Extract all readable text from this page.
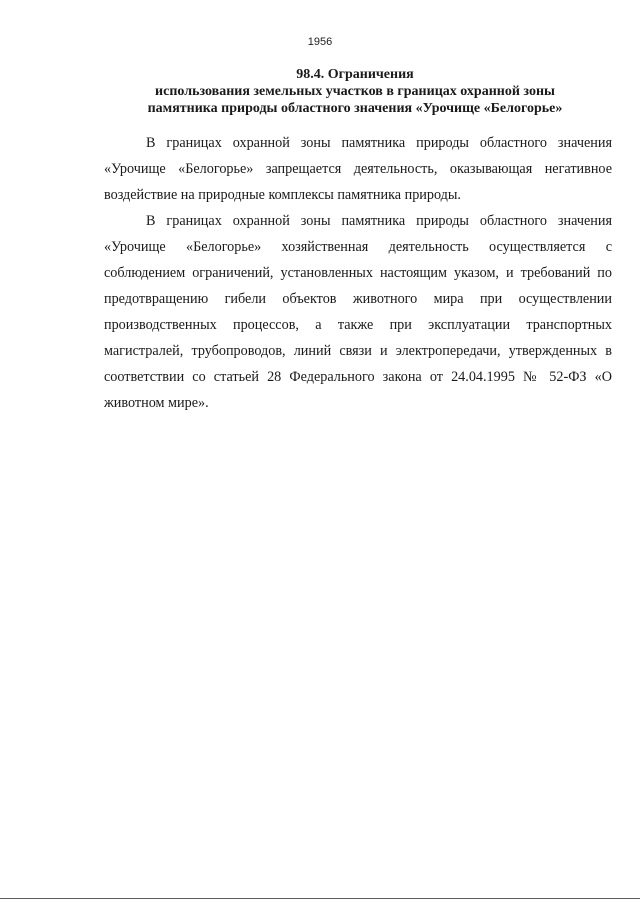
1956
98.4. Ограничения
использования земельных участков в границах охранной зоны
памятника природы областного значения «Урочище «Белогорье»

В границах охранной зоны памятника природы областного значения «Урочище «Белогорье» запрещается деятельность, оказывающая негативное воздействие на природные комплексы памятника природы.

В границах охранной зоны памятника природы областного значения «Урочище «Белогорье» хозяйственная деятельность осуществляется с соблюдением ограничений, установленных настоящим указом, и требований по предотвращению гибели объектов животного мира при осуществлении производственных процессов, а также при эксплуатации транспортных магистралей, трубопроводов, линий связи и электропередачи, утвержденных в соответствии со статьей 28 Федерального закона от 24.04.1995 № 52-ФЗ «О животном мире».
